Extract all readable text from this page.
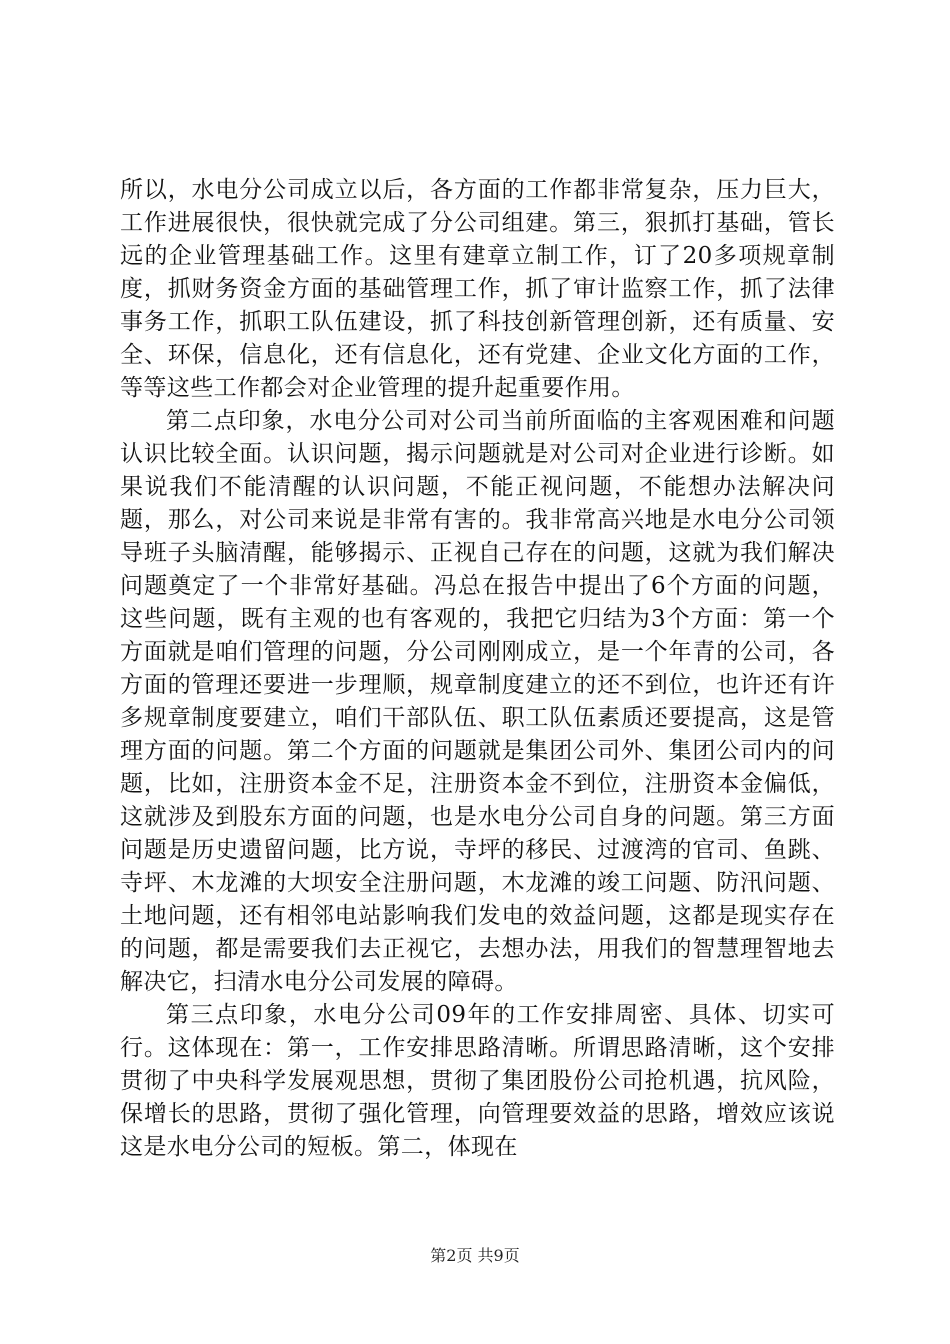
所以，水电分公司成立以后，各方面的工作都非常复杂，压力巨大，工作进展很快，很快就完成了分公司组建。第三，狠抓打基础，管长远的企业管理基础工作。这里有建章立制工作，订了20多项规章制度，抓财务资金方面的基础管理工作，抓了审计监察工作，抓了法律事务工作，抓职工队伍建设，抓了科技创新管理创新，还有质量、安全、环保，信息化，还有信息化，还有党建、企业文化方面的工作，等等这些工作都会对企业管理的提升起重要作用。

第二点印象，水电分公司对公司当前所面临的主客观困难和问题认识比较全面。认识问题，揭示问题就是对公司对企业进行诊断。如果说我们不能清醒的认识问题，不能正视问题，不能想办法解决问题，那么，对公司来说是非常有害的。我非常高兴地是水电分公司领导班子头脑清醒，能够揭示、正视自己存在的问题，这就为我们解决问题奠定了一个非常好基础。冯总在报告中提出了6个方面的问题，这些问题，既有主观的也有客观的，我把它归结为3个方面：第一个方面就是咱们管理的问题，分公司刚刚成立，是一个年青的公司，各方面的管理还要进一步理顺，规章制度建立的还不到位，也许还有许多规章制度要建立，咱们干部队伍、职工队伍素质还要提高，这是管理方面的问题。第二个方面的问题就是集团公司外、集团公司内的问题，比如，注册资本金不足，注册资本金不到位，注册资本金偏低，这就涉及到股东方面的问题，也是水电分公司自身的问题。第三方面问题是历史遗留问题，比方说，寺坪的移民、过渡湾的官司、鱼跳、寺坪、木龙滩的大坝安全注册问题，木龙滩的竣工问题、防汛问题、土地问题，还有相邻电站影响我们发电的效益问题，这都是现实存在的问题，都是需要我们去正视它，去想办法，用我们的智慧理智地去解决它，扫清水电分公司发展的障碍。

第三点印象，水电分公司09年的工作安排周密、具体、切实可行。这体现在：第一，工作安排思路清晰。所谓思路清晰，这个安排贯彻了中央科学发展观思想，贯彻了集团股份公司抢机遇，抗风险，保增长的思路，贯彻了强化管理，向管理要效益的思路，增效应该说这是水电分公司的短板。第二，体现在

第2页 共9页
